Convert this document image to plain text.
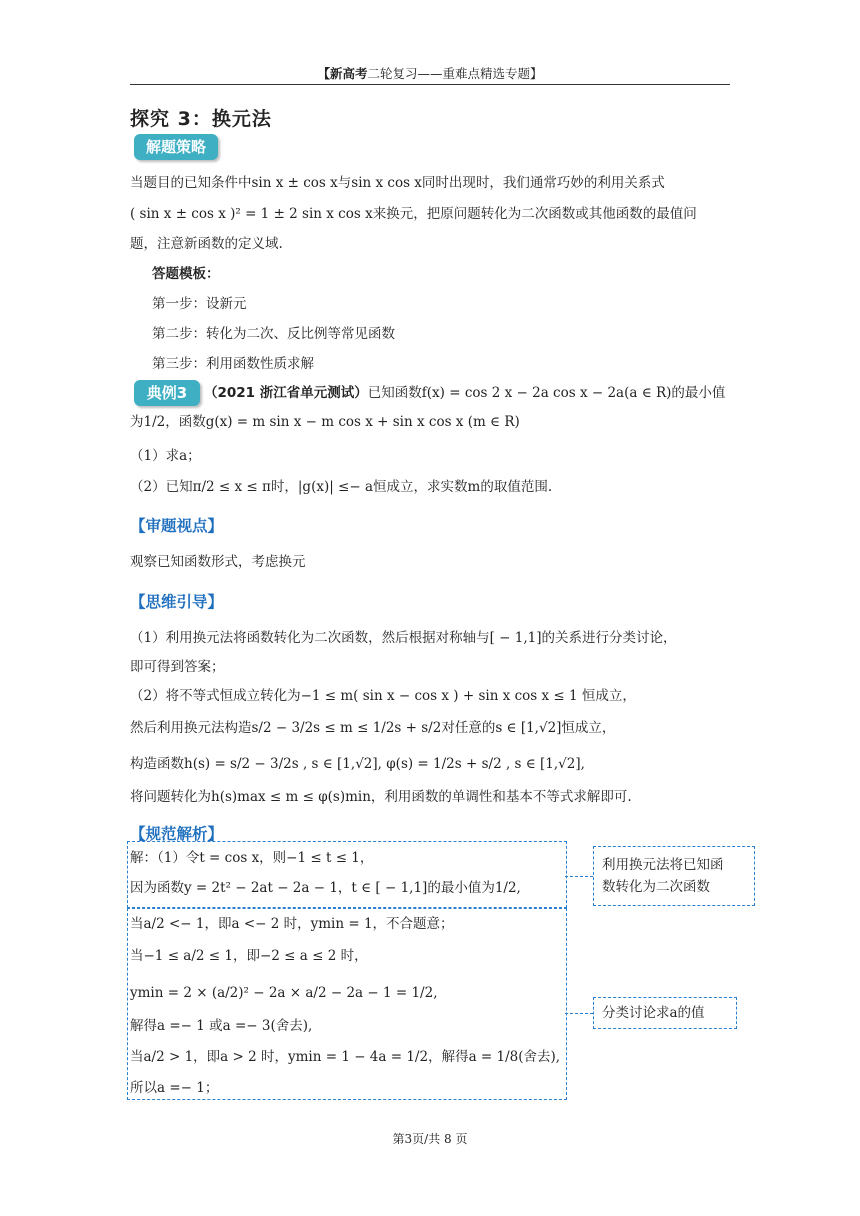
【新高考二轮复习——重难点精选专题】
探究 3：换元法
解题策略
当题目的已知条件中sin x ± cos x与sin x cos x同时出现时，我们通常巧妙的利用关系式
( sin x ± cos x )² = 1 ± 2 sin x cos x来换元，把原问题转化为二次函数或其他函数的最值问
题，注意新函数的定义域.
答题模板：
第一步：设新元
第二步：转化为二次、反比例等常见函数
第三步：利用函数性质求解
典例3	（2021 浙江省单元测试）已知函数f(x) = cos 2 x − 2a cos x − 2a(a ∈ R)的最小值
为1/2，函数g(x) = m sin x − m cos x + sin x cos x (m ∈ R)
（1）求a；
（2）已知π/2 ≤ x ≤ π时，|g(x)| ≤− a恒成立，求实数m的取值范围.
【审题视点】
观察已知函数形式，考虑换元
【思维引导】
（1）利用换元法将函数转化为二次函数，然后根据对称轴与[ − 1,1]的关系进行分类讨论，
即可得到答案；
（2）将不等式恒成立转化为−1 ≤ m( sin x − cos x ) + sin x cos x ≤ 1 恒成立，
然后利用换元法构造s/2 − 3/2s ≤ m ≤ 1/2s + s/2对任意的s ∈ [1,√2]恒成立，
构造函数h(s) = s/2 − 3/2s , s ∈ [1,√2], φ(s) = 1/2s + s/2 , s ∈ [1,√2],
将问题转化为h(s)max ≤ m ≤ φ(s)min，利用函数的单调性和基本不等式求解即可.
【规范解析】
解：（1）令t = cos x，则−1 ≤ t ≤ 1，
因为函数y = 2t² − 2at − 2a − 1，t ∈ [ − 1,1]的最小值为1/2,
当a/2 <− 1，即a <− 2 时，ymin = 1，不合题意；
当−1 ≤ a/2 ≤ 1，即−2 ≤ a ≤ 2 时，
ymin = 2 × (a/2)² − 2a × a/2 − 2a − 1 = 1/2,
解得a =− 1 或a =− 3(舍去),
当a/2 > 1，即a > 2 时，ymin = 1 − 4a = 1/2，解得a = 1/8(舍去),
所以a =− 1；
利用换元法将已知函
数转化为二次函数
分类讨论求a的值
第3页/共 8 页
